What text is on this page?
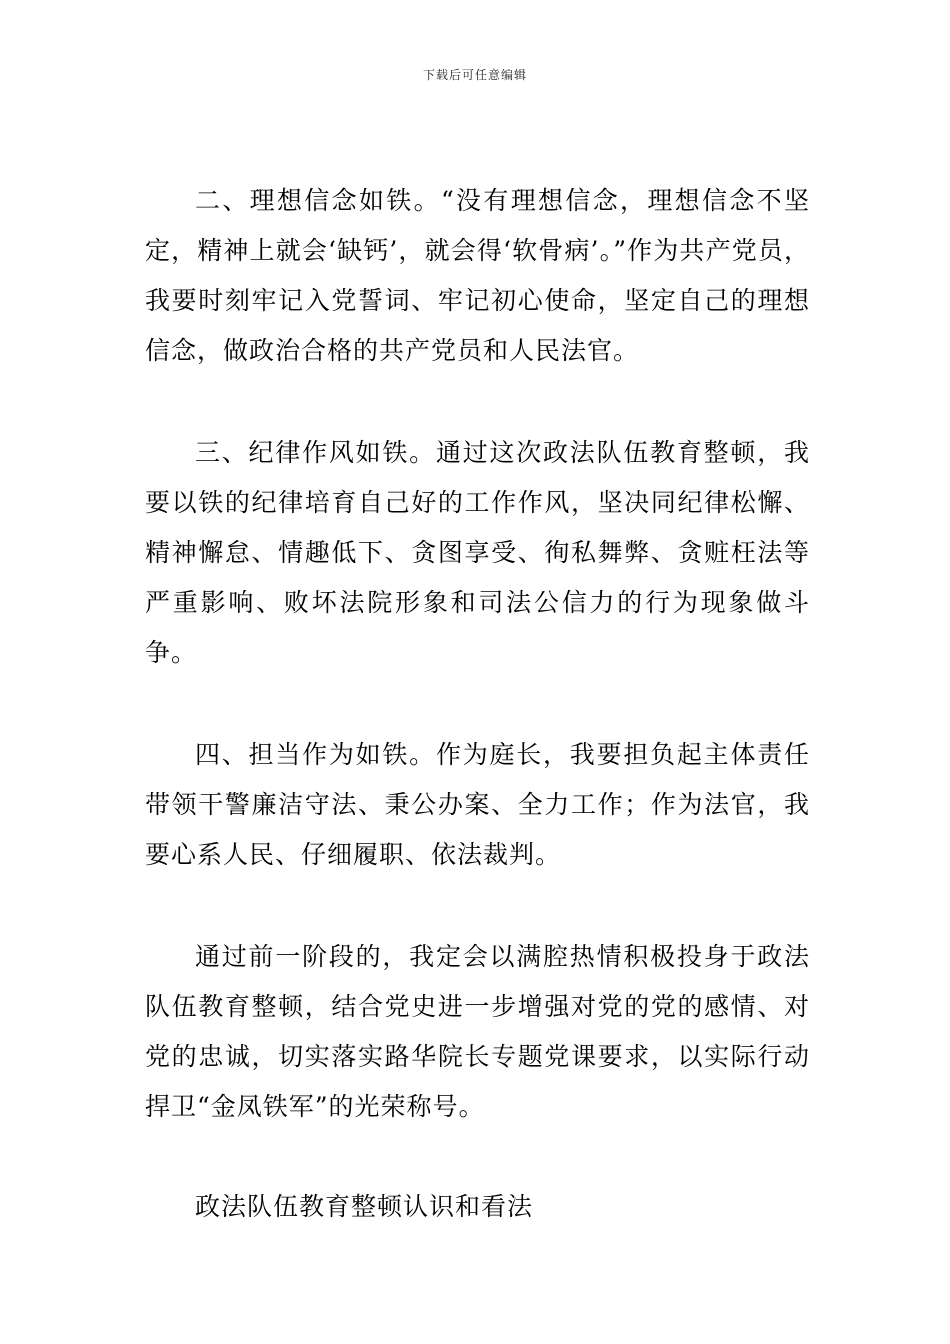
下载后可任意编辑

二、理想信念如铁。“没有理想信念，理想信念不坚定，精神上就会‘缺钙’，就会得‘软骨病’。”作为共产党员，我要时刻牢记入党誓词、牢记初心使命，坚定自己的理想信念，做政治合格的共产党员和人民法官。

三、纪律作风如铁。通过这次政法队伍教育整顿，我要以铁的纪律培育自己好的工作作风，坚决同纪律松懈、精神懈怠、情趣低下、贪图享受、徇私舞弊、贪赃枉法等严重影响、败坏法院形象和司法公信力的行为现象做斗争。

四、担当作为如铁。作为庭长，我要担负起主体责任带领干警廉洁守法、秉公办案、全力工作；作为法官，我要心系人民、仔细履职、依法裁判。

通过前一阶段的，我定会以满腔热情积极投身于政法队伍教育整顿，结合党史进一步增强对党的党的感情、对党的忠诚，切实落实路华院长专题党课要求，以实际行动捍卫“金凤铁军”的光荣称号。

政法队伍教育整顿认识和看法
